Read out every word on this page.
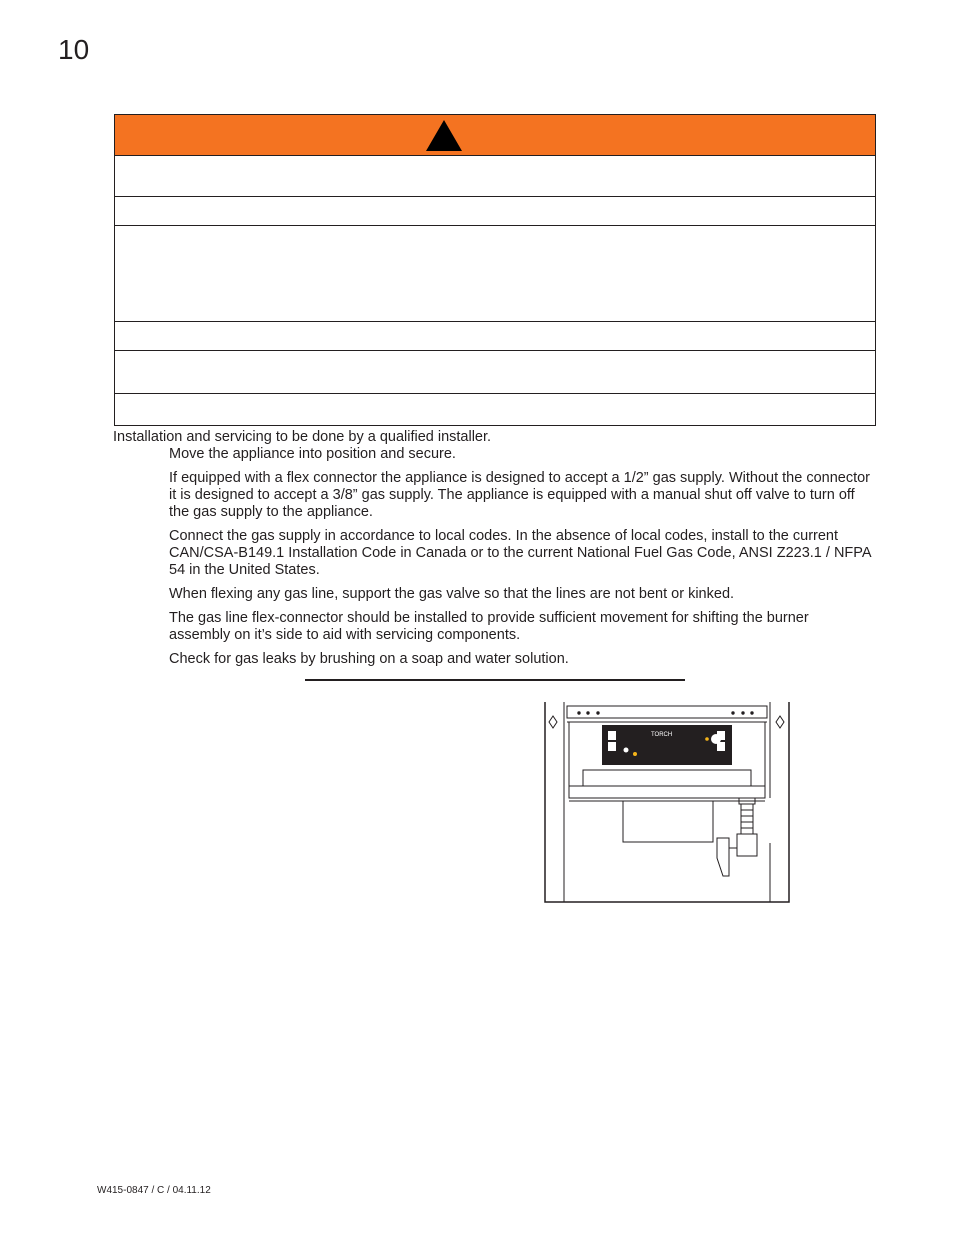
10
Installation and servicing to be done by a qualified installer.
Move the appliance into position and secure.
If equipped with a flex connector the appliance is designed to accept a 1/2” gas supply. Without the connector it is designed to accept a 3/8” gas supply. The appliance is equipped with a manual shut off valve to turn off the gas supply to the appliance.
Connect the gas supply in accordance to local codes. In the absence of local codes, install to the current CAN/CSA-B149.1 Installation Code in Canada or to the current National Fuel Gas Code, ANSI Z223.1 / NFPA 54 in the United States.
When flexing any gas line, support the gas valve so that the lines are not bent or kinked.
The gas line flex-connector should be installed to provide sufficient movement for shifting the burner assembly on it’s side to aid with servicing components.
Check for gas leaks by brushing on a soap and water solution.
TORCH
W415-0847 / C / 04.11.12
